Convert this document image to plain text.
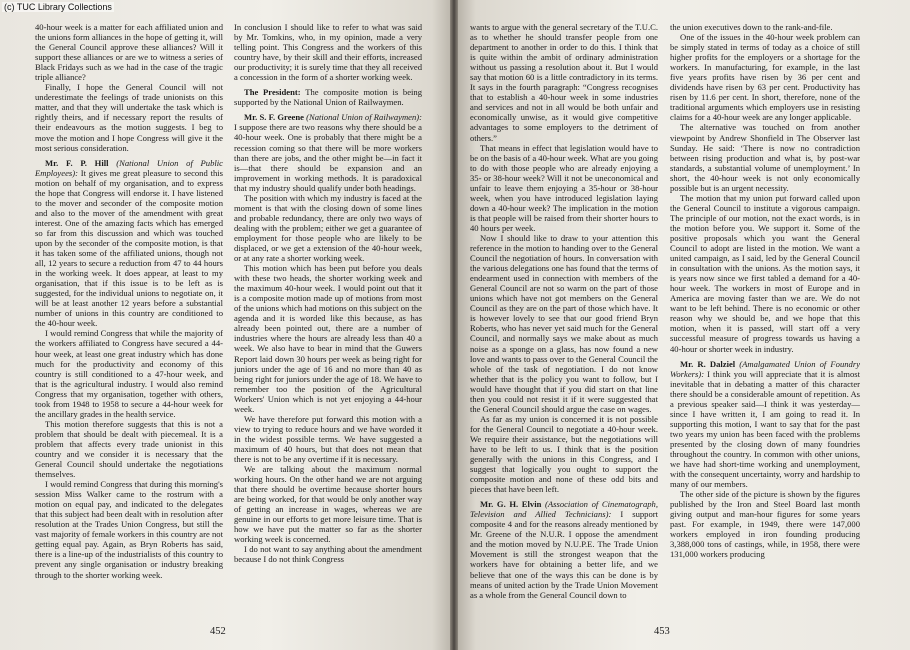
40-hour week is a matter for each affiliated union and the unions form alliances in the hope of getting it, will the General Council approve these alliances? Will it support these alliances or are we to witness a series of Black Fridays such as we had in the case of the tragic triple alliance?

Finally, I hope the General Council will not underestimate the feelings of trade unionists on this matter, and that they will undertake the task which is rightly theirs, and if necessary report the results of their endeavours as the motion suggests. I beg to move the motion and I hope Congress will give it the most serious consideration.

Mr. F. P. Hill (National Union of Public Employees): It gives me great pleasure to second this motion on behalf of my organisation, and to express the hope that Congress will endorse it. I have listened to the mover and seconder of the composite motion and also to the mover of the amendment with great interest. One of the amazing facts which has emerged so far from this discussion and which was touched upon by the seconder of the composite motion, is that it has taken some of the affiliated unions, though not all, 12 years to secure a reduction from 47 to 44 hours in the working week. It does appear, at least to my organisation, that if this issue is to be left as is suggested, for the individual unions to negotiate on, it will be at least another 12 years before a substantial number of unions in this country are conditioned to the 40-hour week.

I would remind Congress that while the majority of the workers affiliated to Congress have secured a 44-hour week, at least one great industry which has done much for the productivity and economy of this country is still conditioned to a 47-hour week, and that is the agricultural industry. I would also remind Congress that my organisation, together with others, took from 1948 to 1958 to secure a 44-hour week for the ancillary grades in the health service.

This motion therefore suggests that this is not a problem that should be dealt with piecemeal. It is a problem that affects every trade unionist in this country and we consider it is necessary that the General Council should undertake the negotiations themselves.

I would remind Congress that during this morning's session Miss Walker came to the rostrum with a motion on equal pay, and indicated to the delegates that this subject had been dealt with in resolution after resolution at the Trades Union Congress, but still the vast majority of female workers in this country are not getting equal pay. Again, as Bryn Roberts has said, there is a line-up of the industrialists of this country to prevent any single organisation or industry breaking through to the shorter working week.

In conclusion I should like to refer to what was said by Mr. Tomkins, who, in my opinion, made a very telling point. This Congress and the workers of this country have, by their skill and their efforts, increased our productivity; it is surely time that they all received a concession in the form of a shorter working week.

The President: The composite motion is being supported by the National Union of Railwaymen.

Mr. S. F. Greene (National Union of Railwaymen): I suppose there are two reasons why there should be a 40-hour week. One is probably that there might be a recession coming so that there will be more workers than there are jobs, and the other might be—in fact it is—that there should be expansion and an improvement in working methods. It is paradoxical that my industry should qualify under both headings.

The position with which my industry is faced at the moment is that with the closing down of some lines and probable redundancy, there are only two ways of dealing with the problem; either we get a guarantee of employment for those people who are likely to be displaced, or we get a extension of the 40-hour week, or at any rate a shorter working week.

This motion which has been put before you deals with these two heads, the shorter working week and the maximum 40-hour week. I would point out that it is a composite motion made up of motions from most of the unions which had motions on this subject on the agenda and it is worded like this because, as has already been pointed out, there are a number of industries where the hours are already less than 40 a week. We also have to bear in mind that the Guwers Report laid down 30 hours per week as being right for juniors under the age of 16 and no more than 40 as being right for juniors under the age of 18. We have to remember too the position of the Agricultural Workers' Union which is not yet enjoying a 44-hour week.

We have therefore put forward this motion with a view to trying to reduce hours and we have worded it in the widest possible terms. We have suggested a maximum of 40 hours, but that does not mean that there is not to be any overtime if it is necessary.

We are talking about the maximum normal working hours. On the other hand we are not arguing that there should be overtime because shorter hours are being worked, for that would be only another way of getting an increase in wages, whereas we are genuine in our efforts to get more leisure time. That is how we have put the matter so far as the shorter working week is concerned.

I do not want to say anything about the amendment because I do not think Congress

452

wants to argue with the general secretary of the T.U.C. as to whether he should transfer people from one department to another in order to do this. I think that is quite within the ambit of ordinary administration without us passing a resolution about it. But I would say that motion 60 is a little contradictory in its terms. It says in the fourth paragraph: “Congress recognises that to establish a 40-hour week in some industries and services and not in all would be both unfair and economically unwise, as it would give competitive advantages to some employers to the detriment of others.”

That means in effect that legislation would have to be on the basis of a 40-hour week. What are you going to do with those people who are already enjoying a 35- or 38-hour week? Will it not be uneconomical and unfair to leave them enjoying a 35-hour or 38-hour week, when you have introduced legislation laying down a 40-hour week? The implication in the motion is that people will be raised from their shorter hours to 40 hours per week.

Now I should like to draw to your attention this reference in the motion to handing over to the General Council the negotiation of hours. In conversation with the various delegations one has found that the terms of endearment used in connection with members of the General Council are not so warm on the part of those unions which have not got members on the General Council as they are on the part of those which have. It is however lovely to see that our good friend Bryn Roberts, who has never yet said much for the General Council, and normally says we make about as much noise as a sponge on a glass, has now found a new love and wants to pass over to the General Council the whole of the task of negotiation. I do not know whether that is the policy you want to follow, but I would have thought that if you did start on that line then you could not resist it if it were suggested that the General Council should argue the case on wages.

As far as my union is concerned it is not possible for the General Council to negotiate a 40-hour week. We require their assistance, but the negotiations will have to be left to us. I think that is the position generally with the unions in this Congress, and I suggest that logically you ought to support the composite motion and none of these odd bits and pieces that have been left.

Mr. G. H. Elvin (Association of Cinematograph, Television and Allied Technicians): I support composite 4 and for the reasons already mentioned by Mr. Greene of the N.U.R. I oppose the amendment and the motion moved by N.U.P.E. The Trade Union Movement is still the strongest weapon that the workers have for obtaining a better life, and we believe that one of the ways this can be done is by means of united action by the Trade Union Movement as a whole from the General Council down to

the union executives down to the rank-and-file.

One of the issues in the 40-hour week problem can be simply stated in terms of today as a choice of still higher profits for the employers or a shortage for the workers. In manufacturing, for example, in the last five years profits have risen by 36 per cent and dividends have risen by 63 per cent. Productivity has risen by 11.6 per cent. In short, therefore, none of the traditional arguments which employers use in resisting claims for a 40-hour week are any longer applicable.

The alternative was touched on from another viewpoint by Andrew Shonfield in The Observer last Sunday. He said: ‘There is now no contradiction between rising production and what is, by post-war standards, a substantial volume of unemployment.’ In short, the 40-hour week is not only economically possible but is an urgent necessity.

The motion that my union put forward called upon the General Council to institute a vigorous campaign. The principle of our motion, not the exact words, is in the motion before you. We support it. Some of the positive proposals which you want the General Council to adopt are listed in the motion. We want a united campaign, as I said, led by the General Council in consultation with the unions. As the motion says, it is years now since we first tabled a demand for a 40-hour week. The workers in most of Europe and in America are moving faster than we are. We do not want to be left behind. There is no economic or other reason why we should be, and we hope that this motion, when it is passed, will start off a very successful measure of progress towards us having a 40-hour or shorter week in industry.

Mr. R. Dalziel (Amalgamated Union of Foundry Workers): I think you will appreciate that it is almost inevitable that in debating a matter of this character there should be a considerable amount of repetition. As a previous speaker said—I think it was yesterday—since I have written it, I am going to read it. In supporting this motion, I want to say that for the past two years my union has been faced with the problems presented by the closing down of many foundries throughout the country. In common with other unions, we have had short-time working and unemployment, with the consequent uncertainty, worry and hardship to many of our members.

The other side of the picture is shown by the figures published by the Iron and Steel Board last month giving output and man-hour figures for some years past. For example, in 1949, there were 147,000 workers employed in iron founding producing 3,388,000 tons of castings, while, in 1958, there were 131,000 workers producing

453
(c) TUC Library Collections
